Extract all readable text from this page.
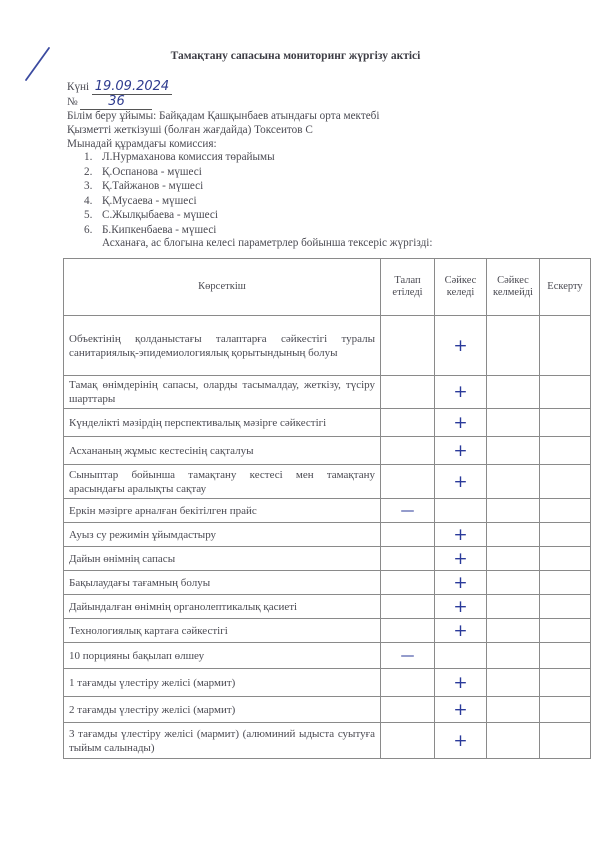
Тамақтану сапасына мониторинг жүргізу актісі
Күні 19.09.2024
№ 36
Білім беру ұйымы: Байқадам Қашқынбаев атындағы орта мектебі
Қызметті жеткізуші (болған жағдайда) Токсеитов С
Мынадай құрамдағы комиссия:
1. Л.Нурмаханова комиссия төрайымы
2. Қ.Оспанова - мүшесі
3. Қ.Тайжанов - мүшесі
4. Қ.Мусаева - мүшесі
5. С.Жылқыбаева - мүшесі
6. Б.Кипкенбаева - мүшесі
Асханаға, ас блогына келесі параметрлер бойынша тексеріс жүргізді:
Көрсеткіш	Талап етіледі	Сәйкес келеді	Сәйкес келмейді	Ескерту
Объектінің қолданыстағы талаптарға сәйкестігі туралы санитариялық-эпидемиологиялық қорытындының болуы		+		
Тамақ өнімдерінің сапасы, оларды тасымалдау, жеткізу, түсіру шарттары		+		
Күнделікті мәзірдің перспективалық мәзірге сәйкестігі		+		
Асхананың жұмыс кестесінің сақталуы		+		
Сыныптар бойынша тамақтану кестесі мен тамақтану арасындағы аралықты сақтау		+		
Еркін мәзірге арналған бекітілген прайс	—			
Ауыз су режимін ұйымдастыру		+		
Дайын өнімнің сапасы		+		
Бақылаудағы тағамның болуы		+		
Дайындалған өнімнің органолептикалық қасиеті		+		
Технологиялық картаға сәйкестігі		+		
10 порцияны бақылап өлшеу	—			
1 тағамды үлестіру желісі (мармит)		+		
2 тағамды үлестіру желісі (мармит)		+		
3 тағамды үлестіру желісі (мармит) (алюминий ыдыста суытуға тыйым салынады)		+		
